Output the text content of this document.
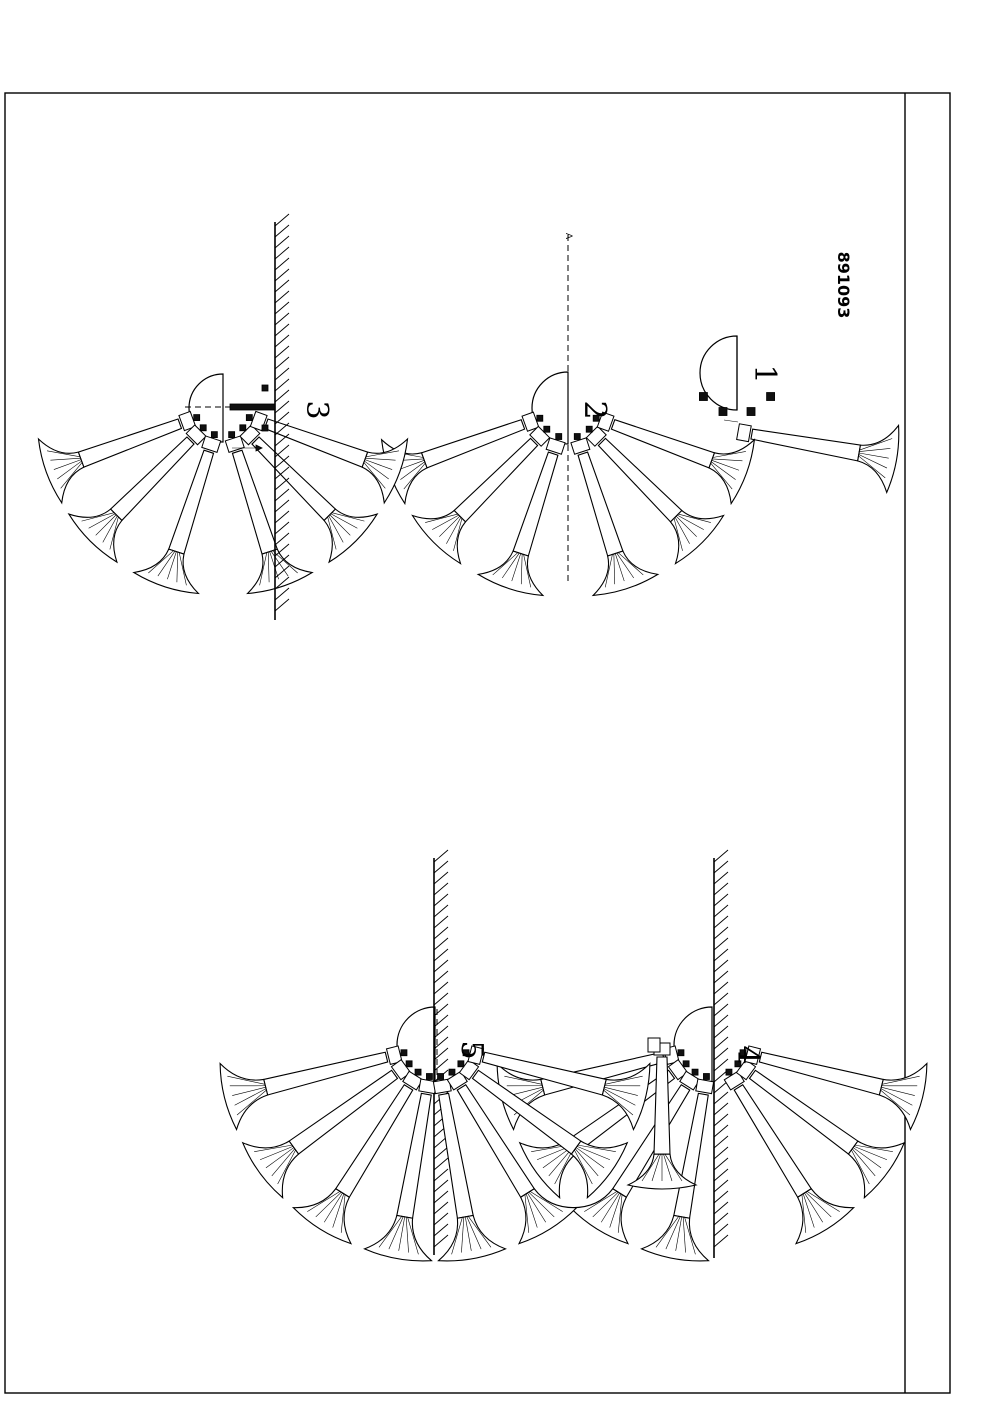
891093
1
2
3
4
5
A
